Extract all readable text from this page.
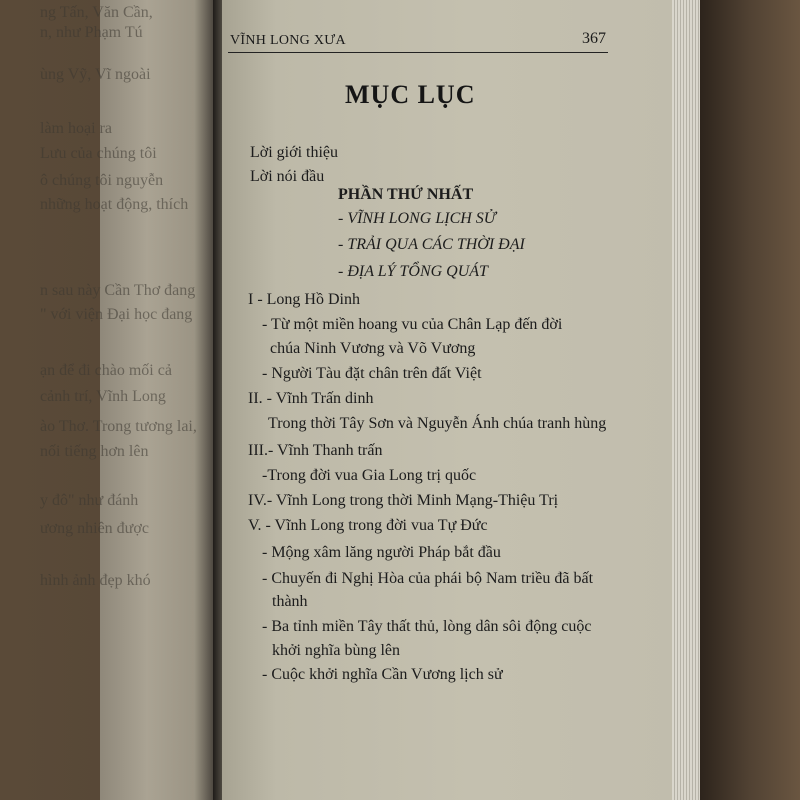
ng Tấn, Văn Cần,
n, như Phạm Tú
ùng Vỹ, Vĩ ngoài
làm hoại ra
Lưu của chúng tôi
ô chúng tôi nguyễn
những hoạt động, thích
n sau này Cần Thơ đang
" với viện Đại học đang
ạn để đi chào mối cả
cảnh trí, Vĩnh Long
ào Thơ. Trong tương lai,
nối tiếng hơn lên
y đô" như đánh
ương nhiên được
hình ảnh đẹp khó
VĨNH LONG XƯA	367
MỤC LỤC
Lời giới thiệu
Lời nói đầu
PHẦN THỨ NHẤT
- VĨNH LONG LỊCH SỬ
- TRẢI QUA CÁC THỜI ĐẠI
- ĐỊA LÝ TỔNG QUÁT
I - Long Hồ Dinh
- Từ một miền hoang vu của Chân Lạp đến đời
chúa Ninh Vương và Võ Vương
- Người Tàu đặt chân trên đất Việt
II. - Vĩnh Trấn dinh
Trong thời Tây Sơn và Nguyễn Ánh chúa tranh hùng
III.- Vĩnh Thanh trấn
-Trong đời vua Gia Long trị quốc
IV.- Vĩnh Long trong thời Minh Mạng-Thiệu Trị
V. - Vĩnh Long trong đời vua Tự Đức
- Mộng xâm lăng người Pháp bắt đầu
- Chuyến đi Nghị Hòa của phái bộ Nam triều đã bất
thành
- Ba tỉnh miền Tây thất thủ, lòng dân sôi động cuộc
khởi nghĩa bùng lên
- Cuộc khởi nghĩa Cần Vương lịch sử
